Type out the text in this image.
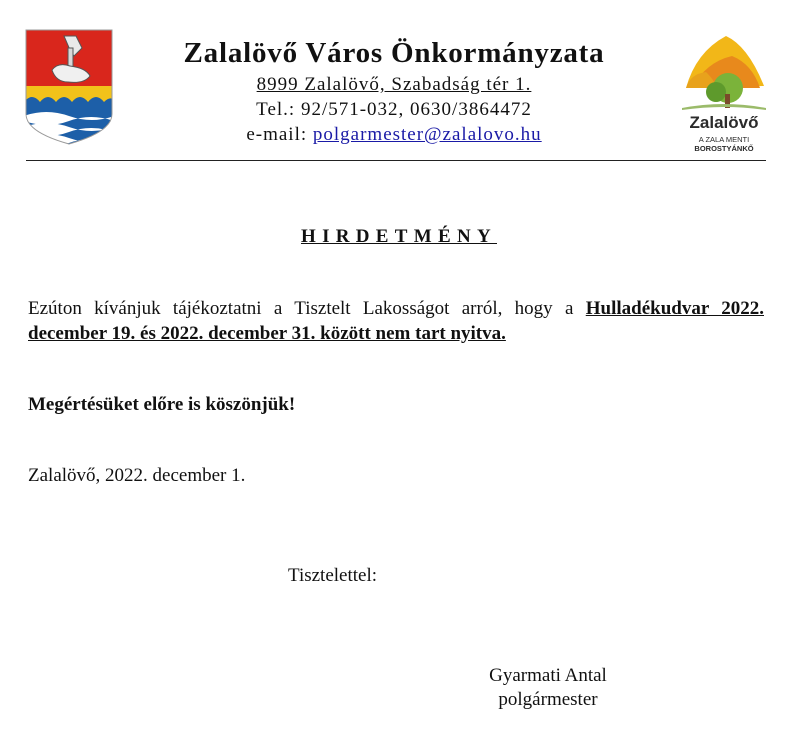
Zalalövő Város Önkormányzata
8999 Zalalövő, Szabadság tér 1.
Tel.: 92/571-032, 0630/3864472
e-mail: polgarmester@zalalovo.hu
Zalalövő
A ZALA MENTI
BOROSTYÁNKŐ
HIRDETMÉNY

Ezúton kívánjuk tájékoztatni a Tisztelt Lakosságot arról, hogy a Hulladékudvar 2022. december 19. és 2022. december 31. között nem tart nyitva.

Megértésüket előre is köszönjük!
Zalalövő, 2022. december 1.
Tisztelettel:
Gyarmati Antal
polgármester
